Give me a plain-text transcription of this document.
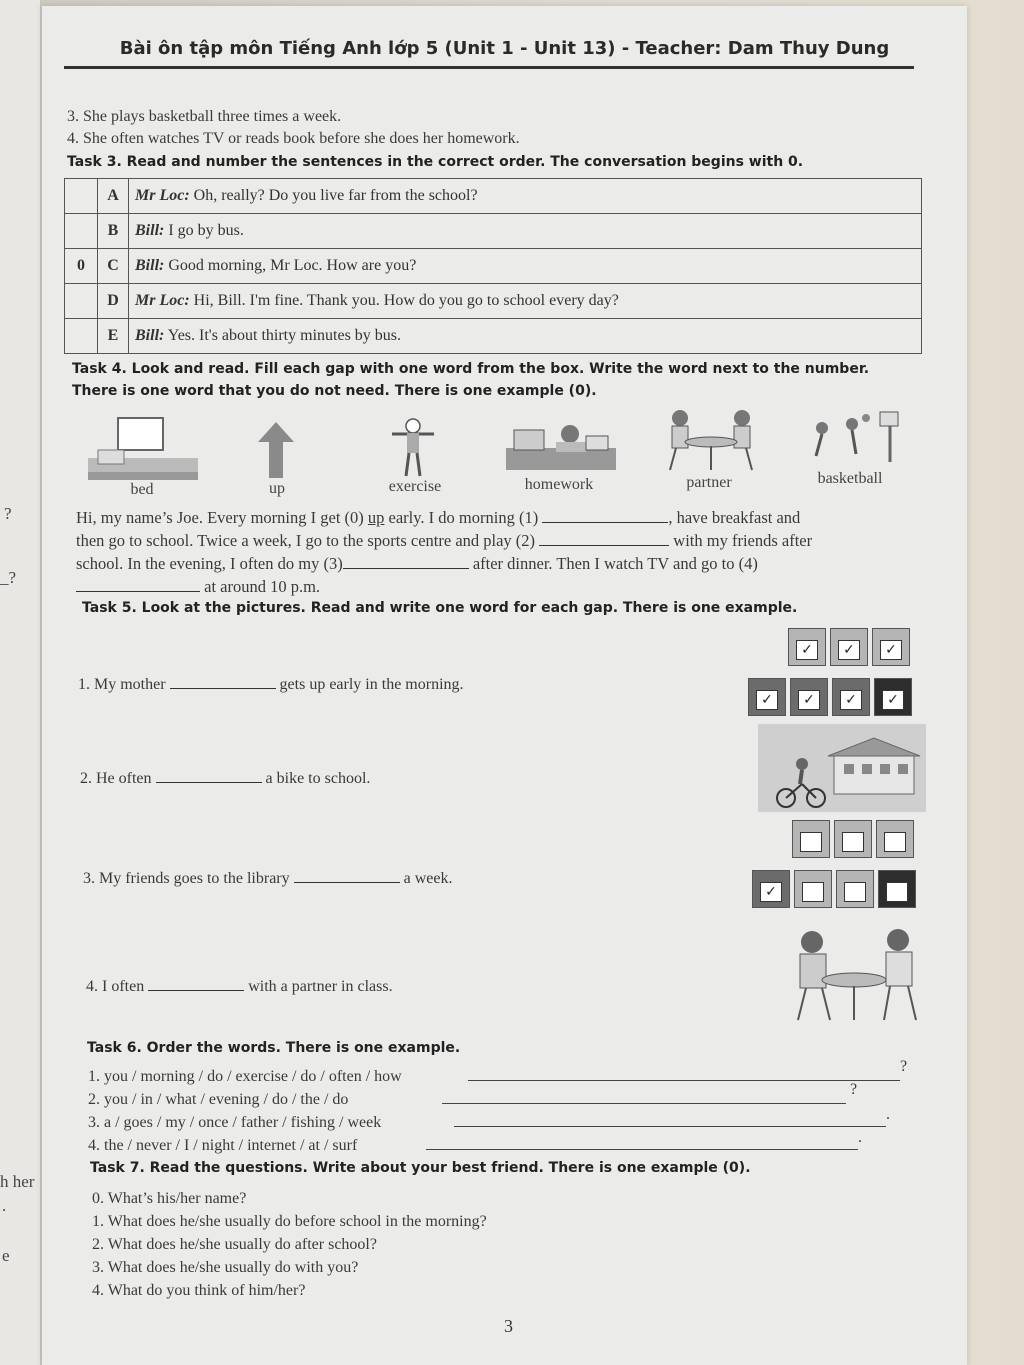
?
_?
h her
.
e
Bài ôn tập môn Tiếng Anh lớp 5 (Unit 1 - Unit 13) - Teacher: Dam Thuy Dung
3. She plays basketball three times a week.
4. She often watches TV or reads book before she does her homework.
Task 3. Read and number the sentences in the correct order. The conversation begins with 0.
	A	Mr Loc: Oh, really? Do you live far from the school?
	B	Bill: I go by bus.
0	C	Bill: Good morning, Mr Loc. How are you?
	D	Mr Loc: Hi, Bill. I'm fine. Thank you. How do you go to school every day?
	E	Bill: Yes. It's about thirty minutes by bus.
Task 4. Look and read. Fill each gap with one word from the box. Write the word next to the number.
There is one word that you do not need. There is one example (0).
bed	up	exercise	homework	partner	basketball
Hi, my name’s Joe. Every morning I get (0) up early. I do morning (1)	, have breakfast and
then go to school. Twice a week, I go to the sports centre and play (2)	with my friends after
school. In the evening, I often do my (3)	after dinner. Then I watch TV and go to (4)
at around 10 p.m.
Task 5. Look at the pictures. Read and write one word for each gap. There is one example.
1. My mother	gets up early in the morning.
2. He often	a bike to school.
3. My friends goes to the library	a week.
4. I often	with a partner in class.
✓	✓	✓
✓	✓	✓	✓
✓
Task 6. Order the words. There is one example.
1. you / morning / do / exercise / do / often / how
?
2. you / in / what / evening / do / the / do
?
3. a / goes / my / once / father / fishing / week	.
4. the / never / I / night / internet / at / surf	.
Task 7. Read the questions. Write about your best friend. There is one example (0).
0. What’s his/her name?
1. What does he/she usually do before school in the morning?
2. What does he/she usually do after school?
3. What does he/she usually do with you?
4. What do you think of him/her?
3
